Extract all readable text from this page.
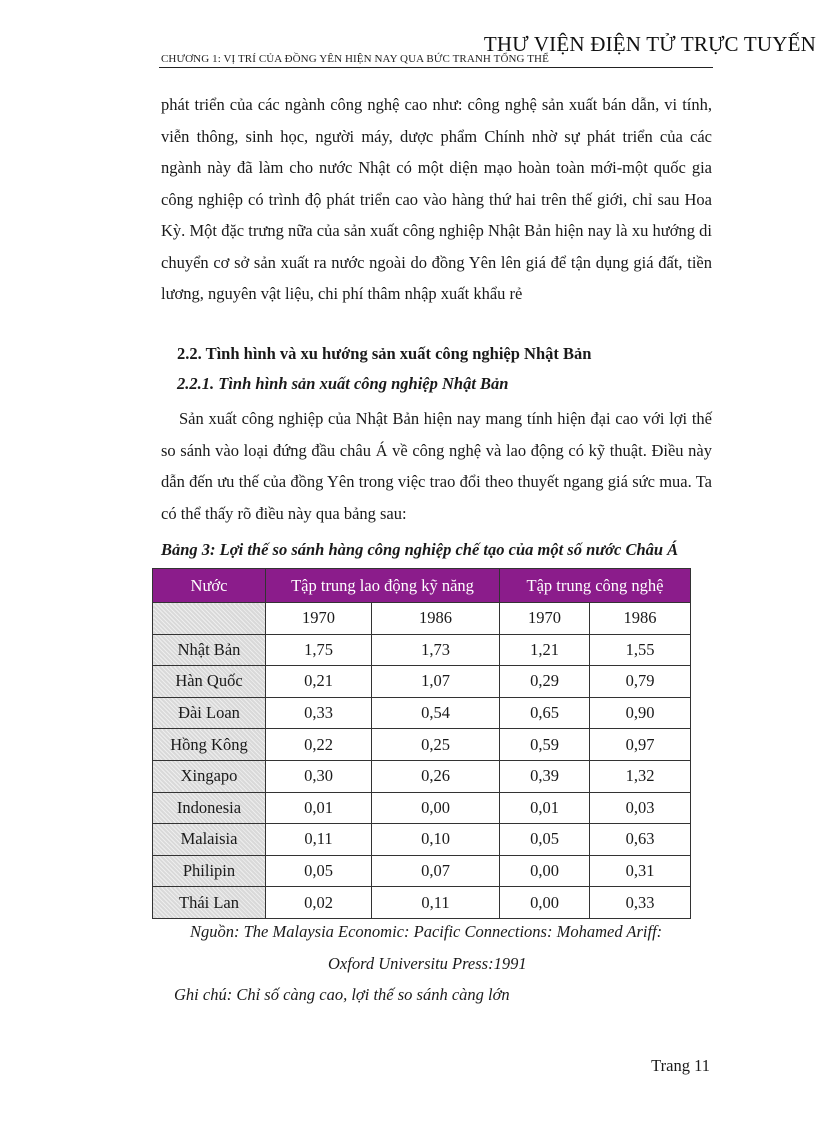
CHƯƠNG 1: VỊ TRÍ CỦA ĐỒNG YÊN HIỆN NAY QUA BỨC TRANH TỔNG THỂ
THƯ VIỆN ĐIỆN TỬ TRỰC TUYẾN

phát triển của các ngành công nghệ cao như: công nghệ sản xuất bán dẫn, vi tính, viễn thông, sinh học, người máy, dược phẩm Chính nhờ sự phát triển của các ngành này đã làm cho nước Nhật có một diện mạo hoàn toàn mới-một quốc gia công nghiệp có trình độ phát triển cao vào hàng thứ hai trên thế giới, chỉ sau Hoa Kỳ. Một đặc trưng nữa của sản xuất công nghiệp Nhật Bản hiện nay là xu hướng di chuyển cơ sở sản xuất ra nước ngoài do đồng Yên lên giá để tận dụng giá đất, tiền lương, nguyên vật liệu, chi phí thâm nhập xuất khẩu rẻ

2.2. Tình hình và xu hướng sản xuất công nghiệp Nhật Bản
2.2.1. Tình hình sản xuất công nghiệp Nhật Bản

Sản xuất công nghiệp của Nhật Bản hiện nay mang tính hiện đại cao với lợi thế so sánh vào loại đứng đầu châu Á về công nghệ và lao động có kỹ thuật. Điều này dẫn đến ưu thế của đồng Yên trong việc trao đổi theo thuyết ngang giá sức mua. Ta có thể thấy rõ điều này qua bảng sau:

Bảng 3: Lợi thế so sánh hàng công nghiệp chế tạo của một số nước Châu Á
Nước	Tập trung lao động kỹ năng		Tập trung công nghệ	
	1970	1986	1970	1986
Nhật Bản	1,75	1,73	1,21	1,55
Hàn Quốc	0,21	1,07	0,29	0,79
Đài Loan	0,33	0,54	0,65	0,90
Hồng Kông	0,22	0,25	0,59	0,97
Xingapo	0,30	0,26	0,39	1,32
Indonesia	0,01	0,00	0,01	0,03
Malaisia	0,11	0,10	0,05	0,63
Philipin	0,05	0,07	0,00	0,31
Thái Lan	0,02	0,11	0,00	0,33
Nguồn: The Malaysia Economic: Pacific Connections: Mohamed Ariff:
Oxford Universitu Press:1991
Ghi chú: Chỉ số càng cao, lợi thế so sánh càng lớn
Trang 11
